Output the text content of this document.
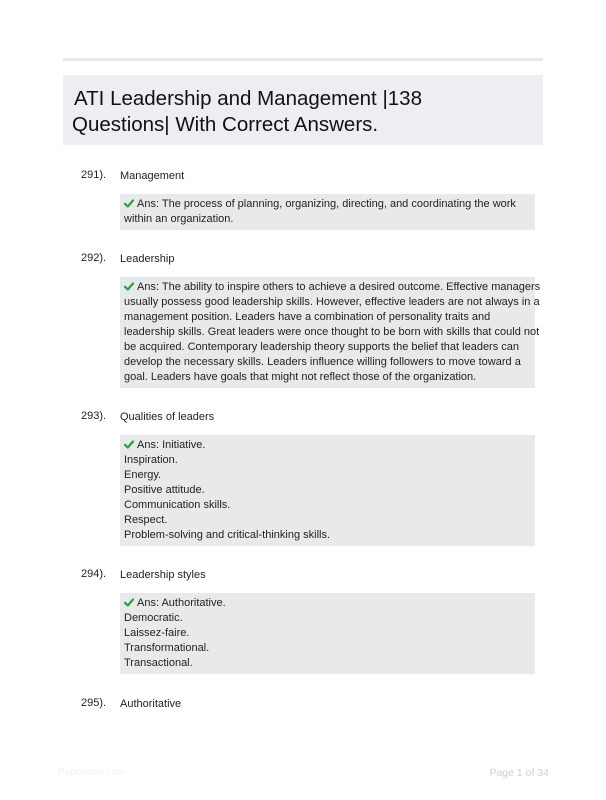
ATI Leadership and Management |138
Questions| With Correct Answers.
291).	Management
Ans: The process of planning, organizing, directing, and coordinating the work
within an organization.
292).	Leadership
Ans: The ability to inspire others to achieve a desired outcome. Effective managers
usually possess good leadership skills. However, effective leaders are not always in a
management position. Leaders have a combination of personality traits and
leadership skills. Great leaders were once thought to be born with skills that could not
be acquired. Contemporary leadership theory supports the belief that leaders can
develop the necessary skills. Leaders influence willing followers to move toward a
goal. Leaders have goals that might not reflect those of the organization.
293).	Qualities of leaders
Ans: Initiative.
Inspiration.
Energy.
Positive attitude.
Communication skills.
Respect.
Problem-solving and critical-thinking skills.
294).	Leadership styles
Ans: Authoritative.
Democratic.
Laissez-faire.
Transformational.
Transactional.
295).	Authoritative
Paperlibre.com	Page 1 of 34
